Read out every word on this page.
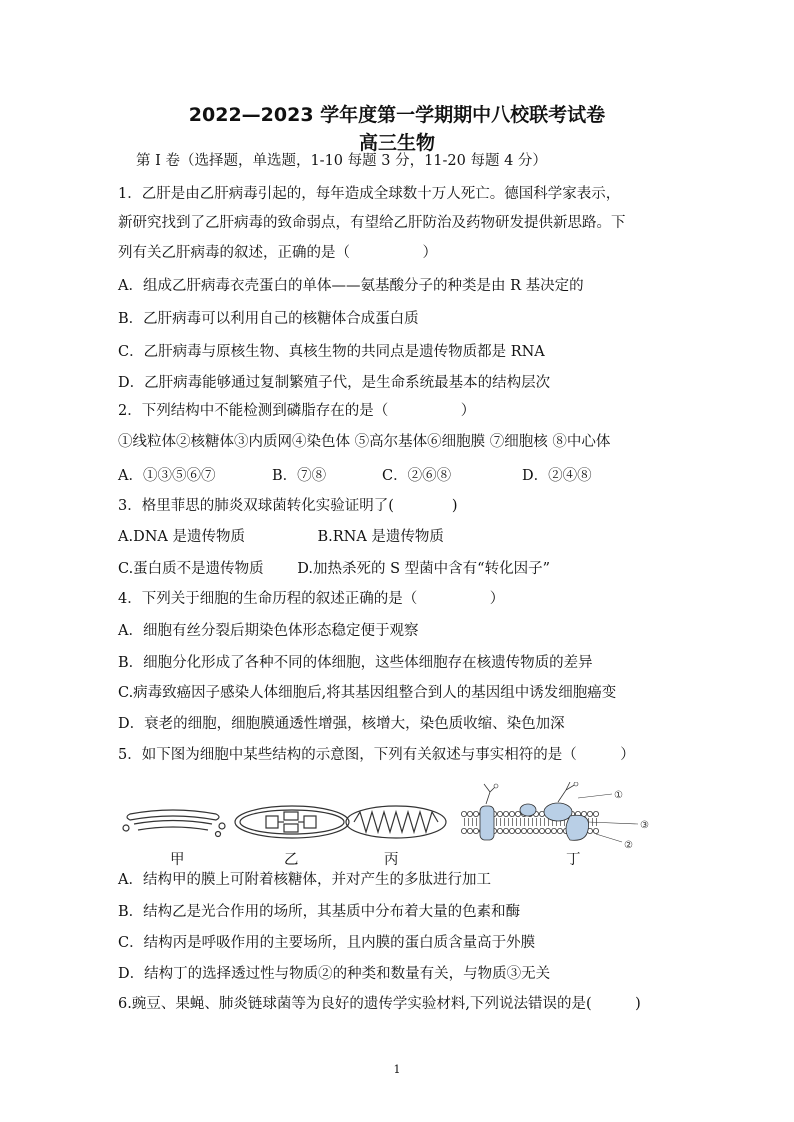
2022—2023 学年度第一学期期中八校联考试卷
高三生物
第 I 卷（选择题，单选题，1-10 每题 3 分，11-20 每题 4 分）
1．乙肝是由乙肝病毒引起的，每年造成全球数十万人死亡。德国科学家表示，
新研究找到了乙肝病毒的致命弱点，有望给乙肝防治及药物研发提供新思路。下
列有关乙肝病毒的叙述，正确的是（　　　　　）
A．组成乙肝病毒衣壳蛋白的单体——氨基酸分子的种类是由 R 基决定的
B．乙肝病毒可以利用自己的核糖体合成蛋白质
C．乙肝病毒与原核生物、真核生物的共同点是遗传物质都是 RNA
D．乙肝病毒能够通过复制繁殖子代，是生命系统最基本的结构层次
2．下列结构中不能检测到磷脂存在的是（　　　　　）
①线粒体②核糖体③内质网④染色体 ⑤高尔基体⑥细胞膜 ⑦细胞核 ⑧中心体
A．①③⑤⑥⑦	B．⑦⑧	C．②⑥⑧	D．②④⑧
3．格里菲思的肺炎双球菌转化实验证明了(　　　　)
A.DNA 是遗传物质　　　　　B.RNA 是遗传物质
C.蛋白质不是遗传物质　　 D.加热杀死的 S 型菌中含有“转化因子”
4．下列关于细胞的生命历程的叙述正确的是（　　　　　）
A．细胞有丝分裂后期染色体形态稳定便于观察
B．细胞分化形成了各种不同的体细胞，这些体细胞存在核遗传物质的差异
C.病毒致癌因子感染人体细胞后,将其基因组整合到人的基因组中诱发细胞癌变
D．衰老的细胞，细胞膜通透性增强，核增大，染色质收缩、染色加深
5．如下图为细胞中某些结构的示意图，下列有关叙述与事实相符的是（　　　）
①
③
②
甲	乙	丙	丁
A．结构甲的膜上可附着核糖体，并对产生的多肽进行加工
B．结构乙是光合作用的场所，其基质中分布着大量的色素和酶
C．结构丙是呼吸作用的主要场所，且内膜的蛋白质含量高于外膜
D．结构丁的选择透过性与物质②的种类和数量有关，与物质③无关
6.豌豆、果蝇、肺炎链球菌等为良好的遗传学实验材料,下列说法错误的是(　　　)
1
